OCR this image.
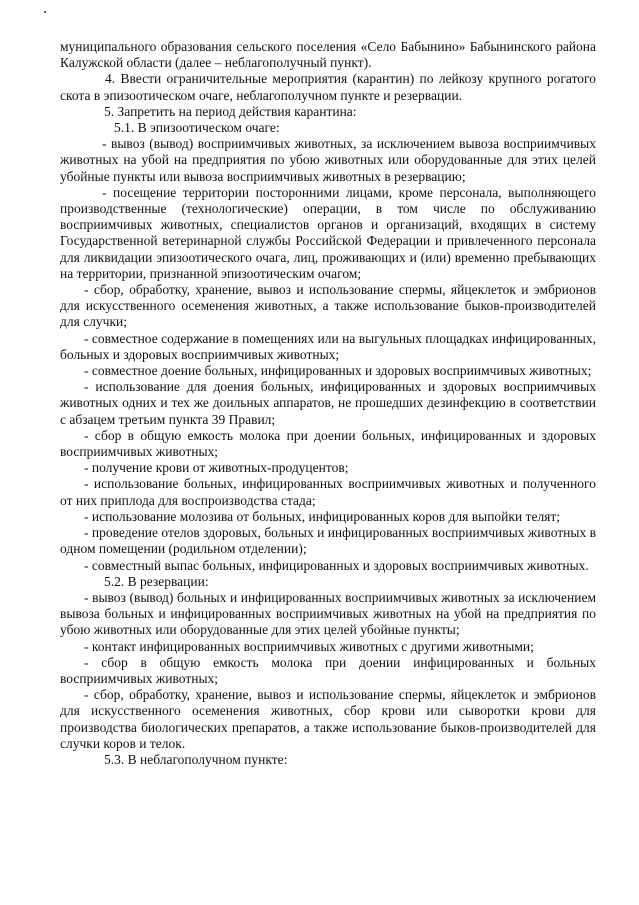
муниципального образования сельского поселения «Село Бабынино» Бабынинского района Калужской области (далее – неблагополучный пункт).

4. Ввести ограничительные мероприятия (карантин) по лейкозу крупного рогатого скота в эпизоотическом очаге, неблагополучном пункте и резервации.

5. Запретить на период действия карантина:

5.1. В эпизоотическом очаге:

- вывоз (вывод) восприимчивых животных, за исключением вывоза восприимчивых животных на убой на предприятия по убою животных или оборудованные для этих целей убойные пункты или вывоза восприимчивых животных в резервацию;

- посещение территории посторонними лицами, кроме персонала, выполняющего производственные (технологические) операции, в том числе по обслуживанию восприимчивых животных, специалистов органов и организаций, входящих в систему Государственной ветеринарной службы Российской Федерации и привлеченного персонала для ликвидации эпизоотического очага, лиц, проживающих и (или) временно пребывающих на территории, признанной эпизоотическим очагом;

- сбор, обработку, хранение, вывоз и использование спермы, яйцеклеток и эмбрионов для искусственного осеменения животных, а также использование быков-производителей для случки;

- совместное содержание в помещениях или на выгульных площадках инфицированных, больных и здоровых восприимчивых животных;

- совместное доение больных, инфицированных и здоровых восприимчивых животных;

- использование для доения больных, инфицированных и здоровых восприимчивых животных одних и тех же доильных аппаратов, не прошедших дезинфекцию в соответствии с абзацем третьим пункта 39 Правил;

- сбор в общую емкость молока при доении больных, инфицированных и здоровых восприимчивых животных;

- получение крови от животных-продуцентов;

- использование больных, инфицированных восприимчивых животных и полученного от них приплода для воспроизводства стада;

- использование молозива от больных, инфицированных коров для выпойки телят;

- проведение отелов здоровых, больных и инфицированных восприимчивых животных в одном помещении (родильном отделении);

- совместный выпас больных, инфицированных и здоровых восприимчивых животных.

5.2. В резервации:

- вывоз (вывод) больных и инфицированных восприимчивых животных за исключением вывоза больных и инфицированных восприимчивых животных на убой на предприятия по убою животных или оборудованные для этих целей убойные пункты;

- контакт инфицированных восприимчивых животных с другими животными;

- сбор в общую емкость молока при доении инфицированных и больных восприимчивых животных;

- сбор, обработку, хранение, вывоз и использование спермы, яйцеклеток и эмбрионов для искусственного осеменения животных, сбор крови или сыворотки крови для производства биологических препаратов, а также использование быков-производителей для случки коров и телок.

5.3. В неблагополучном пункте:
